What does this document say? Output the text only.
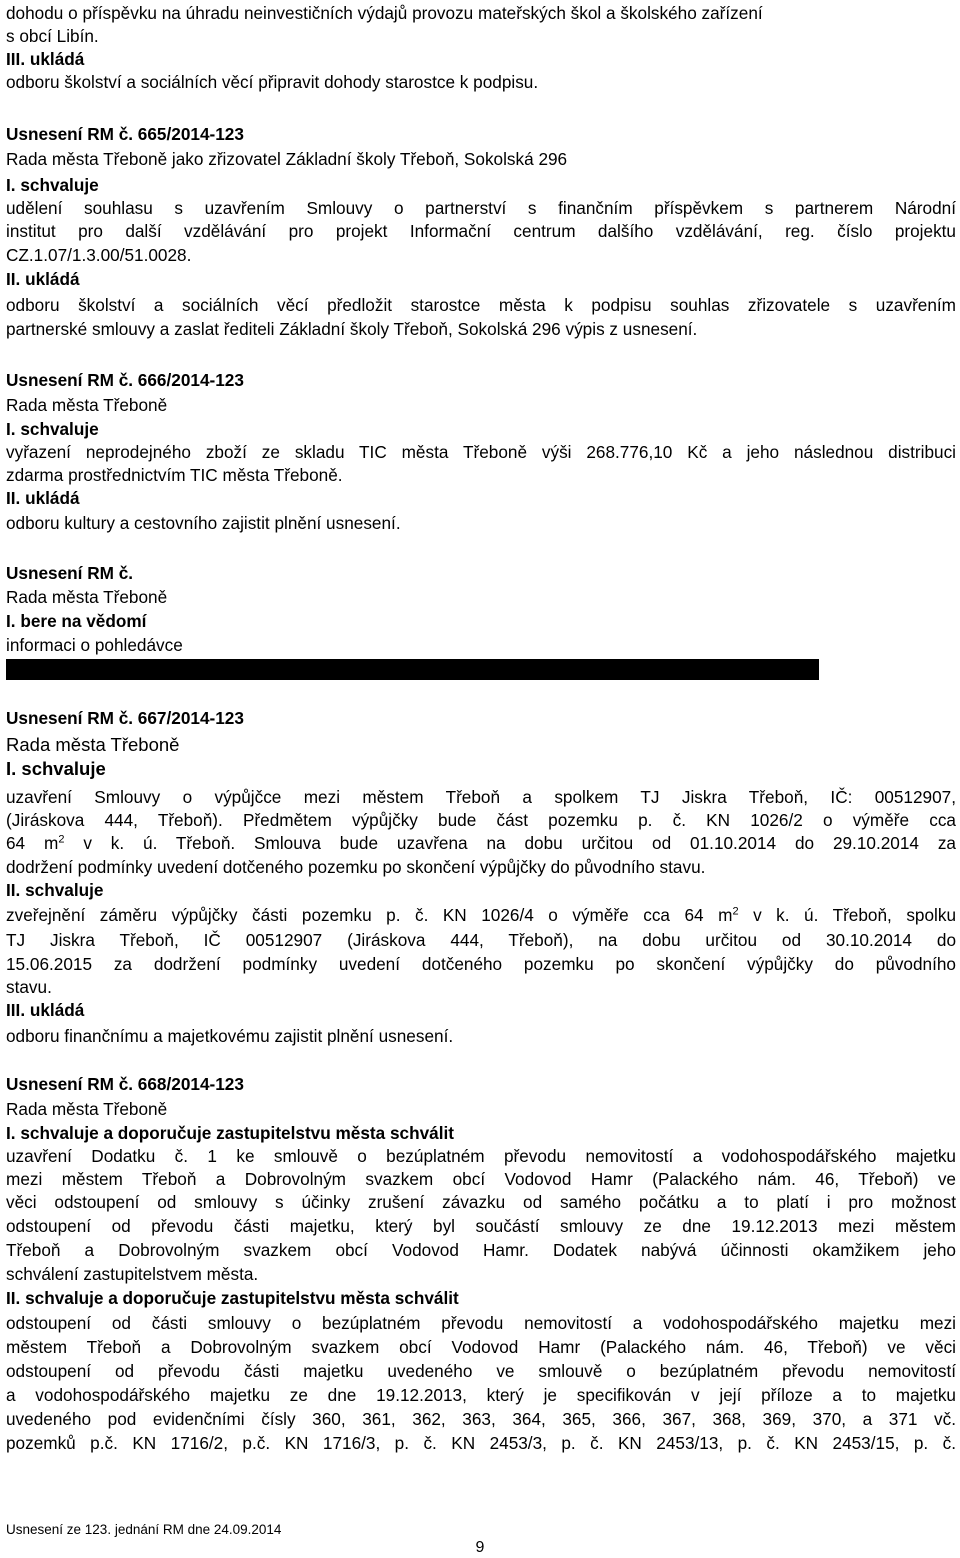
dohodu o příspěvku na úhradu neinvestičních výdajů provozu mateřských škol a školského zařízení
s obcí Libín.
III. ukládá
odboru školství a sociálních věcí připravit dohody starostce k podpisu.
Usnesení RM č. 665/2014-123
Rada města Třeboně jako zřizovatel Základní školy Třeboň, Sokolská 296
I. schvaluje
udělení souhlasu s uzavřením Smlouvy o partnerství s finančním příspěvkem s partnerem Národní
institut pro další vzdělávání pro projekt Informační centrum dalšího vzdělávání, reg. číslo projektu
CZ.1.07/1.3.00/51.0028.
II. ukládá
odboru školství a sociálních věcí předložit starostce města k podpisu souhlas zřizovatele s uzavřením
partnerské smlouvy a zaslat řediteli Základní školy Třeboň, Sokolská 296 výpis z usnesení.
Usnesení RM č. 666/2014-123
Rada města Třeboně
I. schvaluje
vyřazení neprodejného zboží ze skladu TIC města Třeboně výši 268.776,10 Kč a jeho následnou distribuci
zdarma prostřednictvím TIC města Třeboně.
II. ukládá
odboru kultury a cestovního zajistit plnění usnesení.
Usnesení RM č.
Rada města Třeboně
I. bere na vědomí
informaci o pohledávce
Usnesení RM č. 667/2014-123
Rada města Třeboně
I. schvaluje
uzavření Smlouvy o výpůjčce mezi městem Třeboň a spolkem TJ Jiskra Třeboň, IČ: 00512907,
(Jiráskova 444, Třeboň). Předmětem výpůjčky bude část pozemku p. č. KN 1026/2 o výměře cca
64 $m^2$ v k. ú. Třeboň. Smlouva bude uzavřena na dobu určitou od 01.10.2014 do 29.10.2014 za
dodržení podmínky uvedení dotčeného pozemku po skončení výpůjčky do původního stavu.
II. schvaluje
zveřejnění záměru výpůjčky části pozemku p. č. KN 1026/4 o výměře cca 64 $m^2$ v k. ú. Třeboň, spolku
TJ Jiskra Třeboň, IČ 00512907 (Jiráskova 444, Třeboň), na dobu určitou od 30.10.2014 do
15.06.2015 za dodržení podmínky uvedení dotčeného pozemku po skončení výpůjčky do původního
stavu.
III. ukládá
odboru finančnímu a majetkovému zajistit plnění usnesení.
Usnesení RM č. 668/2014-123
Rada města Třeboně
I. schvaluje a doporučuje zastupitelstvu města schválit
uzavření Dodatku č. 1 ke smlouvě o bezúplatném převodu nemovitostí a vodohospodářského majetku
mezi městem Třeboň a Dobrovolným svazkem obcí Vodovod Hamr (Palackého nám. 46, Třeboň) ve
věci odstoupení od smlouvy s účinky zrušení závazku od samého počátku a to platí i pro možnost
odstoupení od převodu části majetku, který byl součástí smlouvy ze dne 19.12.2013 mezi městem
Třeboň a Dobrovolným svazkem obcí Vodovod Hamr. Dodatek nabývá účinnosti okamžikem jeho
schválení zastupitelstvem města.
II. schvaluje a doporučuje zastupitelstvu města schválit
odstoupení od části smlouvy o bezúplatném převodu nemovitostí a vodohospodářského majetku mezi
městem Třeboň a Dobrovolným svazkem obcí Vodovod Hamr (Palackého nám. 46, Třeboň) ve věci
odstoupení od převodu části majetku uvedeného ve smlouvě o bezúplatném převodu nemovitostí
a vodohospodářského majetku ze dne 19.12.2013, který je specifikován v její příloze a to majetku
uvedeného pod evidenčními čísly 360, 361, 362, 363, 364, 365, 366, 367, 368, 369, 370, a 371 vč.
pozemků p.č. KN 1716/2, p.č. KN 1716/3, p. č. KN 2453/3, p. č. KN 2453/13, p. č. KN 2453/15, p. č.
Usnesení ze 123. jednání RM dne 24.09.2014
9
